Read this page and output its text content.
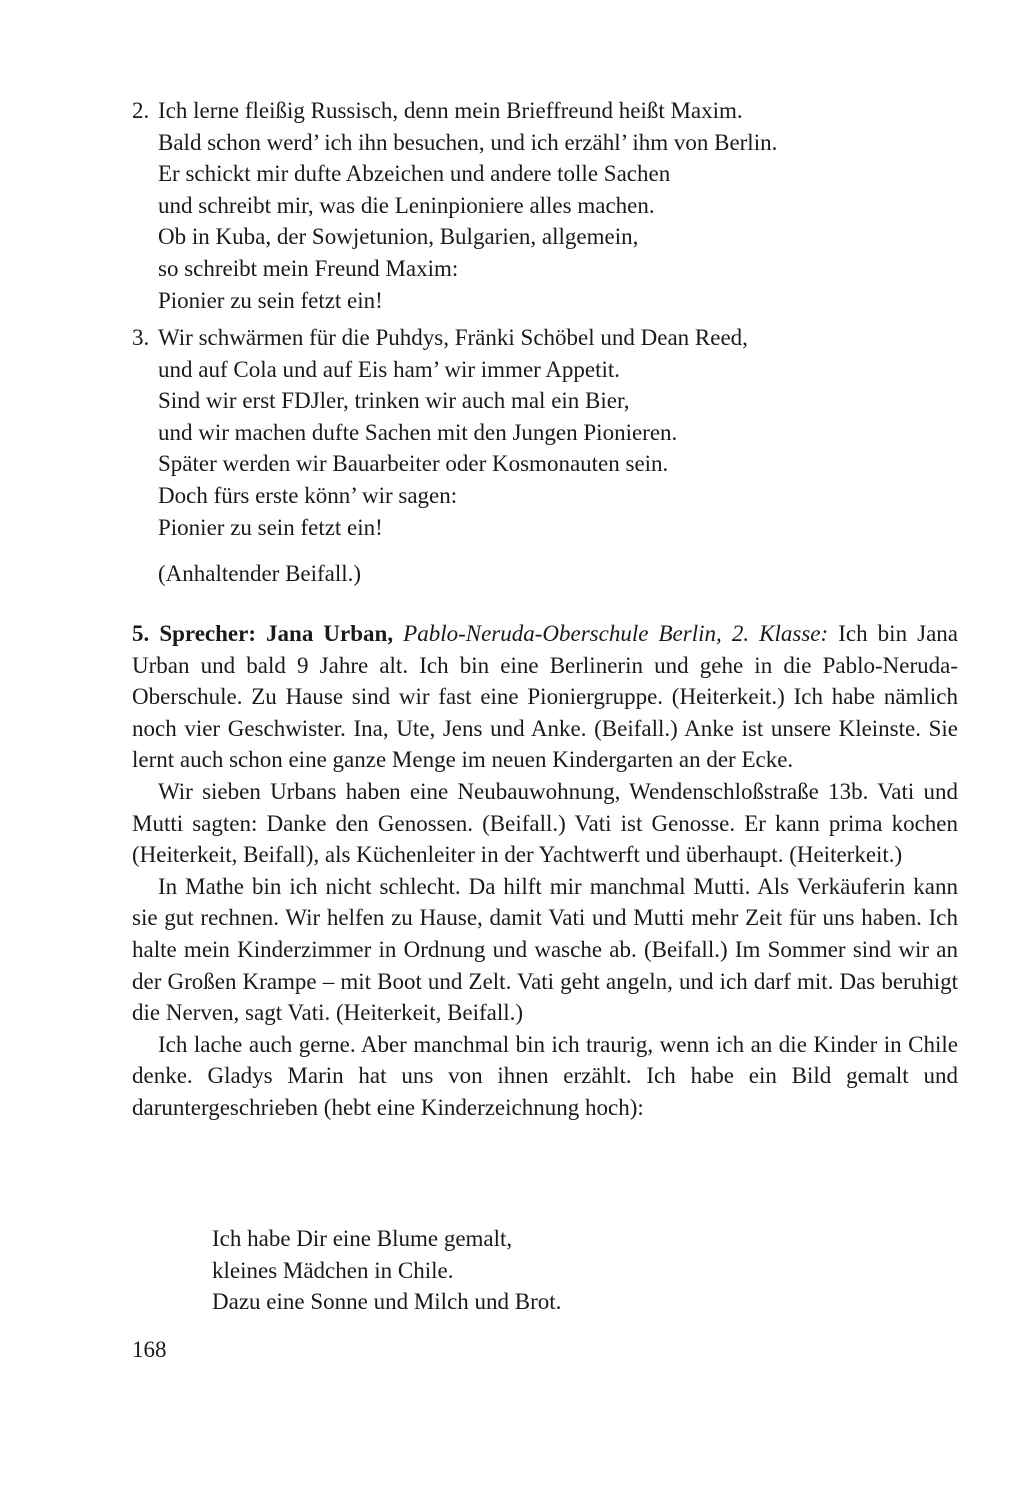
2. Ich lerne fleißig Russisch, denn mein Brieffreund heißt Maxim.
Bald schon werd’ ich ihn besuchen, und ich erzähl’ ihm von Berlin.
Er schickt mir dufte Abzeichen und andere tolle Sachen
und schreibt mir, was die Leninpioniere alles machen.
Ob in Kuba, der Sowjetunion, Bulgarien, allgemein,
so schreibt mein Freund Maxim:
Pionier zu sein fetzt ein!
3. Wir schwärmen für die Puhdys, Fränki Schöbel und Dean Reed,
und auf Cola und auf Eis ham’ wir immer Appetit.
Sind wir erst FDJler, trinken wir auch mal ein Bier,
und wir machen dufte Sachen mit den Jungen Pionieren.
Später werden wir Bauarbeiter oder Kosmonauten sein.
Doch fürs erste könn’ wir sagen:
Pionier zu sein fetzt ein!
(Anhaltender Beifall.)

5. Sprecher: Jana Urban, Pablo-Neruda-Oberschule Berlin, 2. Klasse: Ich bin Jana Urban und bald 9 Jahre alt. Ich bin eine Berlinerin und gehe in die Pablo-Neruda-Oberschule. Zu Hause sind wir fast eine Pioniergruppe. (Heiterkeit.) Ich habe nämlich noch vier Geschwister. Ina, Ute, Jens und Anke. (Beifall.) Anke ist unsere Kleinste. Sie lernt auch schon eine ganze Menge im neuen Kindergarten an der Ecke.

Wir sieben Urbans haben eine Neubauwohnung, Wendenschloßstraße 13b. Vati und Mutti sagten: Danke den Genossen. (Beifall.) Vati ist Genosse. Er kann prima kochen (Heiterkeit, Beifall), als Küchenleiter in der Yachtwerft und überhaupt. (Heiterkeit.)

In Mathe bin ich nicht schlecht. Da hilft mir manchmal Mutti. Als Verkäuferin kann sie gut rechnen. Wir helfen zu Hause, damit Vati und Mutti mehr Zeit für uns haben. Ich halte mein Kinderzimmer in Ordnung und wasche ab. (Beifall.) Im Sommer sind wir an der Großen Krampe – mit Boot und Zelt. Vati geht angeln, und ich darf mit. Das beruhigt die Nerven, sagt Vati. (Heiterkeit, Beifall.)

Ich lache auch gerne. Aber manchmal bin ich traurig, wenn ich an die Kinder in Chile denke. Gladys Marin hat uns von ihnen erzählt. Ich habe ein Bild gemalt und daruntergeschrieben (hebt eine Kinderzeichnung hoch):

Ich habe Dir eine Blume gemalt,
kleines Mädchen in Chile.
Dazu eine Sonne und Milch und Brot.
168
